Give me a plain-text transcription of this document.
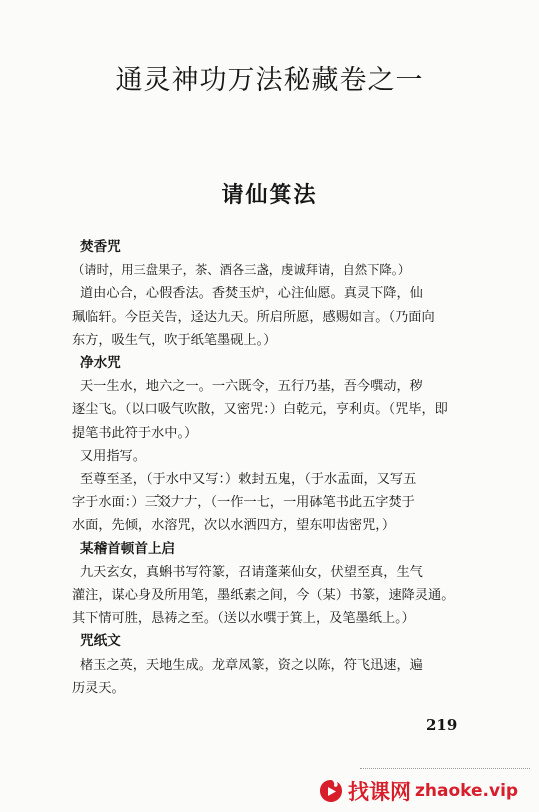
通灵神功万法秘藏卷之一
请仙箕法
焚香咒
（请时，用三盘果子，茶、酒各三盏，虔诚拜请，自然下降。）
道由心合，心假香法。香焚玉炉，心注仙愿。真灵下降，仙
珮临轩。今臣关告，迳达九天。所启所愿，感赐如言。（乃面向
东方，吸生气，吹于纸笔墨砚上。）
净水咒
天一生水，地六之一。一六既令，五行乃基，吾今噀动，秽
逐尘飞。（以口吸气吹散，又密咒：）白乾元，亨利贞。（咒毕，即
提笔书此符于水中。）
又用指写。
至尊至圣，（于水中又写：）敕封五鬼，（于水盂面，又写五
字于水面：）三ꜙ㸚𠂇𠂇，（一作一七，一用砵笔书此五字焚于
水面，先倾，水溶咒，次以水洒四方，望东叩齿密咒，）
某稽首顿首上启
九天玄女，真蝌书写符篆，召请蓬莱仙女，伏望至真，生气
灌注，谋心身及所用笔，墨纸素之间，今（某）书篆，速降灵通。
其下情可胜，恳祷之至。（送以水噀于箕上，及笔墨纸上。）
咒纸文
楮玉之英，天地生成。龙章凤篆，资之以陈，符飞迅速，遍
历灵天。
219
找课网 zhaoke.vip
